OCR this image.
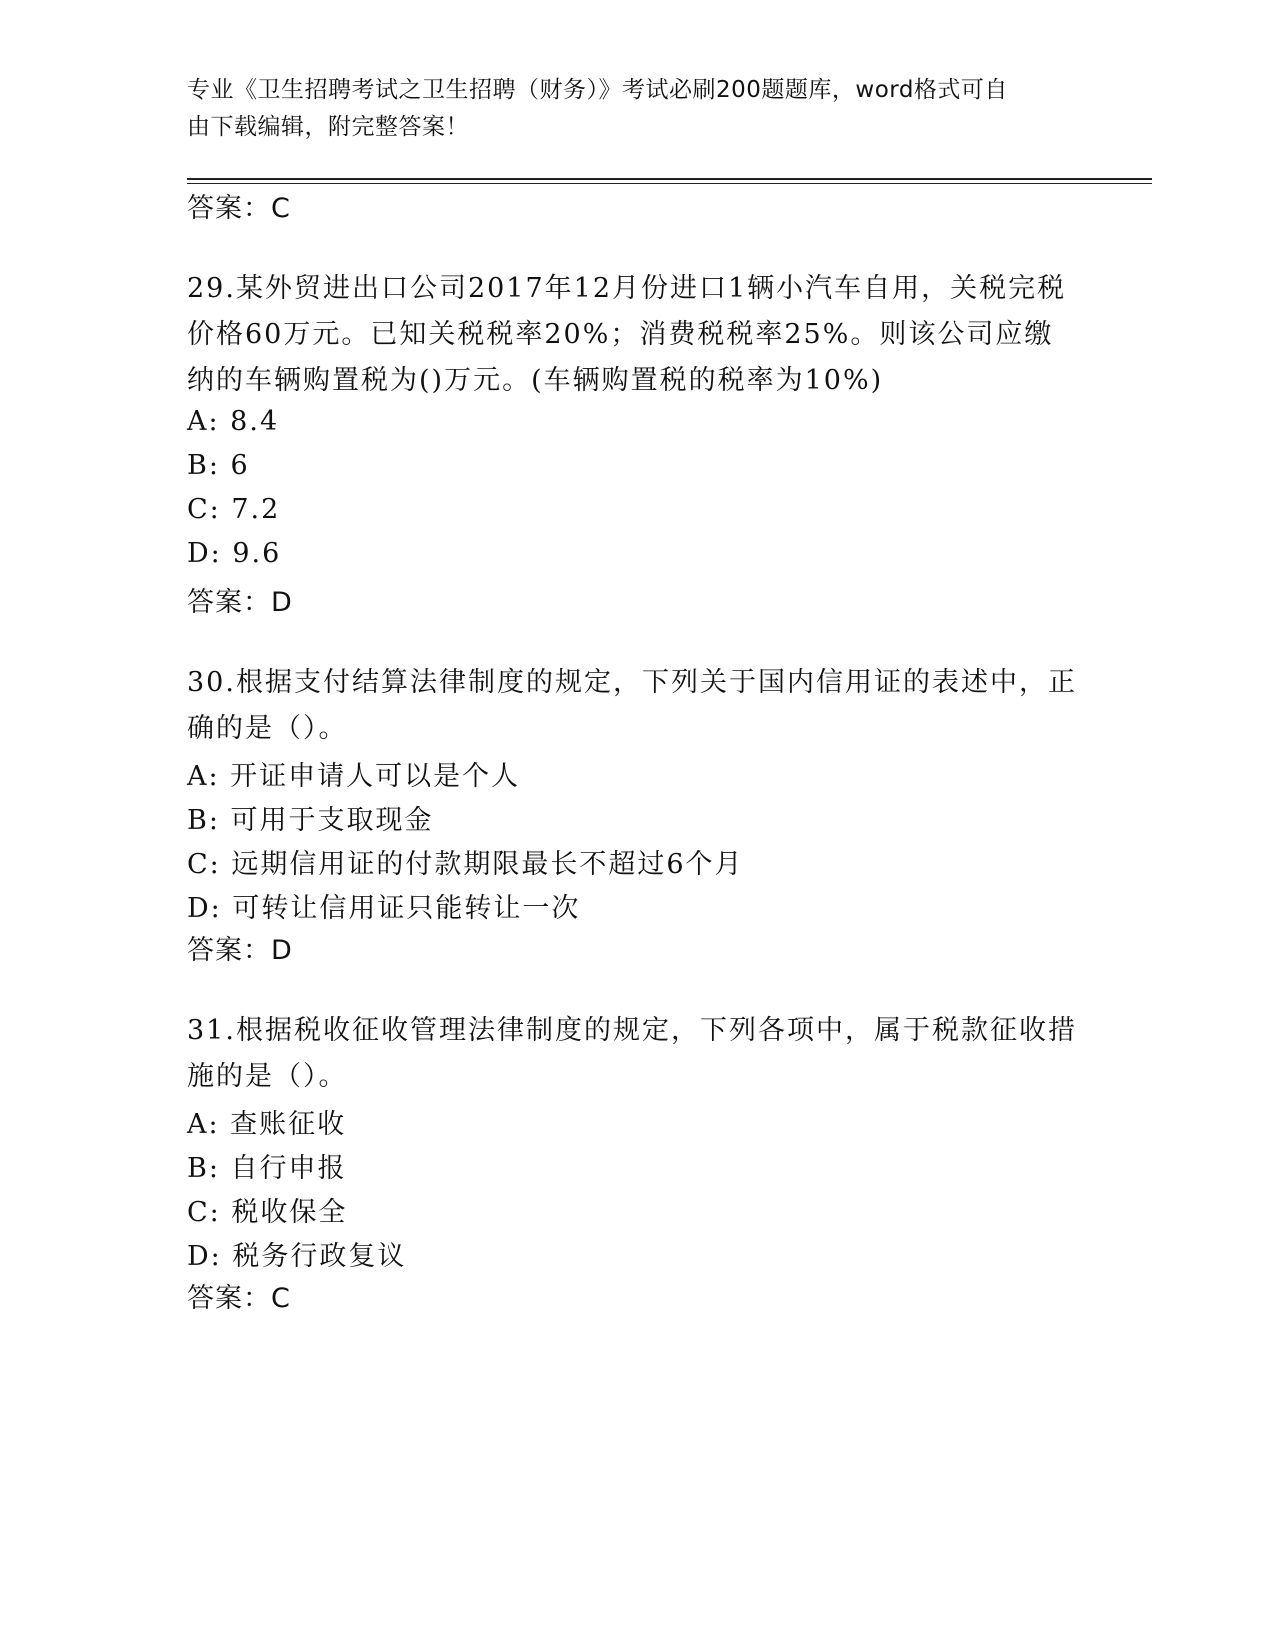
专业《卫生招聘考试之卫生招聘（财务）》考试必刷200题题库，word格式可自
由下载编辑，附完整答案！
答案：C
29.某外贸进出口公司2017年12月份进口1辆小汽车自用，关税完税
价格60万元。已知关税税率20%；消费税税率25%。则该公司应缴
纳的车辆购置税为()万元。(车辆购置税的税率为10%)
A: 8.4
B: 6
C: 7.2
D: 9.6
答案：D
30.根据支付结算法律制度的规定，下列关于国内信用证的表述中，正
确的是（）。
A: 开证申请人可以是个人
B: 可用于支取现金
C: 远期信用证的付款期限最长不超过6个月
D: 可转让信用证只能转让一次
答案：D
31.根据税收征收管理法律制度的规定，下列各项中，属于税款征收措
施的是（）。
A: 查账征收
B: 自行申报
C: 税收保全
D: 税务行政复议
答案：C
